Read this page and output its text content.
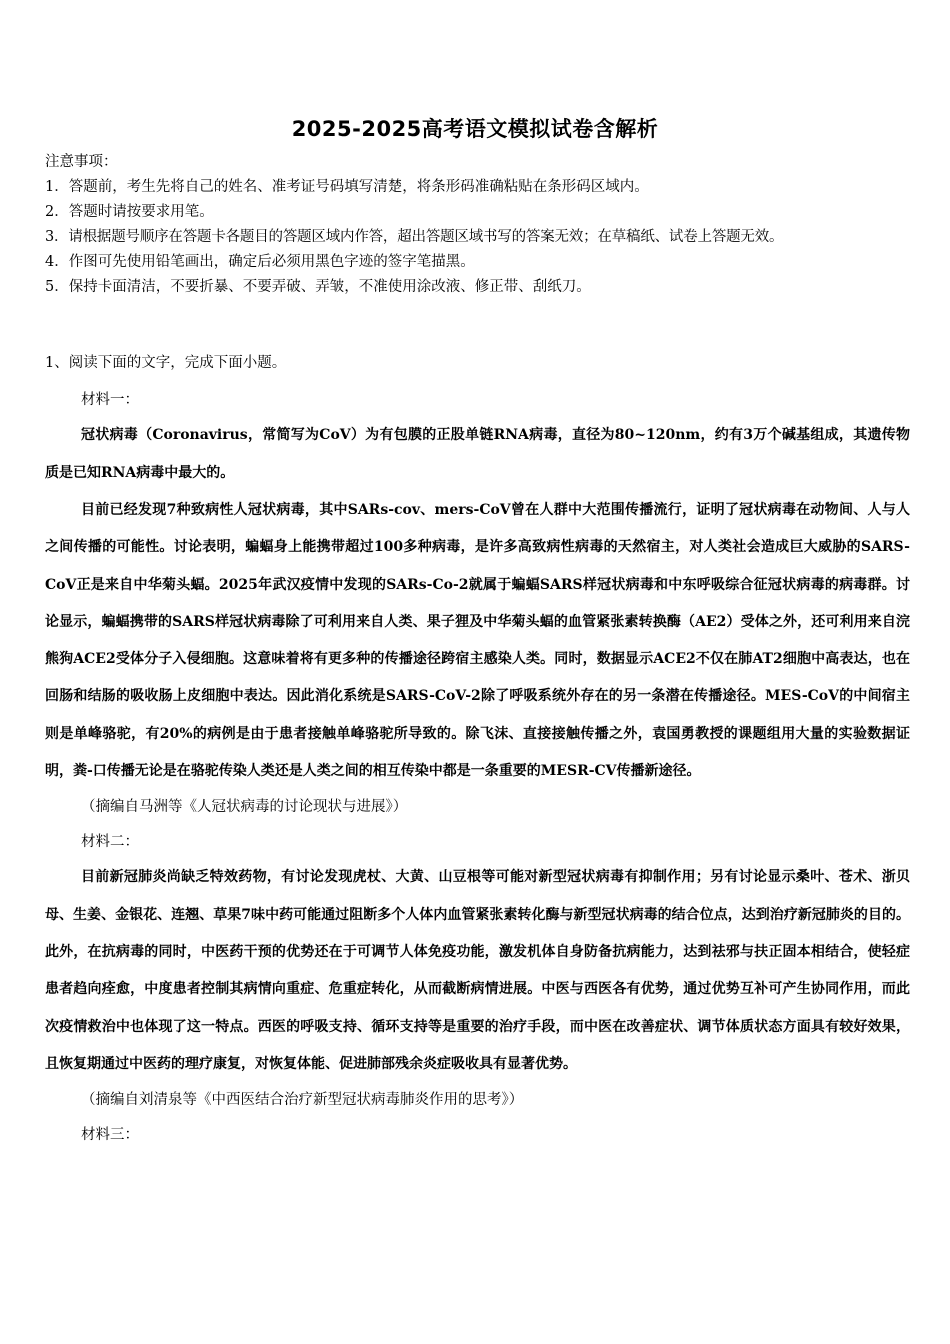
2025-2025高考语文模拟试卷含解析
注意事项：
1．答题前，考生先将自己的姓名、准考证号码填写清楚，将条形码准确粘贴在条形码区域内。
2．答题时请按要求用笔。
3．请根据题号顺序在答题卡各题目的答题区域内作答，超出答题区域书写的答案无效；在草稿纸、试卷上答题无效。
4．作图可先使用铅笔画出，确定后必须用黑色字迹的签字笔描黑。
5．保持卡面清洁，不要折暴、不要弄破、弄皱，不准使用涂改液、修正带、刮纸刀。
1、阅读下面的文字，完成下面小题。
材料一：

冠状病毒（Coronavirus，常简写为CoV）为有包膜的正股单链RNA病毒，直径为80~120nm，约有3万个碱基组成，其遗传物质是已知RNA病毒中最大的。

目前已经发现7种致病性人冠状病毒，其中SARs-cov、mers-CoV曾在人群中大范围传播流行，证明了冠状病毒在动物间、人与人之间传播的可能性。讨论表明，蝙蝠身上能携带超过100多种病毒，是许多高致病性病毒的天然宿主，对人类社会造成巨大威胁的SARS-CoV正是来自中华菊头蝠。2025年武汉疫情中发现的SARs-Co-2就属于蝙蝠SARS样冠状病毒和中东呼吸综合征冠状病毒的病毒群。讨论显示，蝙蝠携带的SARS样冠状病毒除了可利用来自人类、果子狸及中华菊头蝠的血管紧张素转换酶（AE2）受体之外，还可利用来自浣熊狗ACE2受体分子入侵细胞。这意味着将有更多种的传播途径跨宿主感染人类。同时，数据显示ACE2不仅在肺AT2细胞中高表达，也在回肠和结肠的吸收肠上皮细胞中表达。因此消化系统是SARS-CoV-2除了呼吸系统外存在的另一条潜在传播途径。MES-CoV的中间宿主则是单峰骆驼，有20%的病例是由于患者接触单峰骆驼所导致的。除飞沫、直接接触传播之外，袁国勇教授的课题组用大量的实验数据证明，粪-口传播无论是在骆驼传染人类还是人类之间的相互传染中都是一条重要的MESR-CV传播新途径。

（摘编自马洲等《人冠状病毒的讨论现状与进展》）
材料二：

目前新冠肺炎尚缺乏特效药物，有讨论发现虎杖、大黄、山豆根等可能对新型冠状病毒有抑制作用；另有讨论显示桑叶、苍术、浙贝母、生姜、金银花、连翘、草果7味中药可能通过阻断多个人体内血管紧张素转化酶与新型冠状病毒的结合位点，达到治疗新冠肺炎的目的。此外，在抗病毒的同时，中医药干预的优势还在于可调节人体免疫功能，激发机体自身防备抗病能力，达到祛邪与扶正固本相结合，使轻症患者趋向痊愈，中度患者控制其病情向重症、危重症转化，从而截断病情进展。中医与西医各有优势，通过优势互补可产生协同作用，而此次疫情救治中也体现了这一特点。西医的呼吸支持、循环支持等是重要的治疗手段，而中医在改善症状、调节体质状态方面具有较好效果，且恢复期通过中医药的理疗康复，对恢复体能、促进肺部残余炎症吸收具有显著优势。

（摘编自刘清泉等《中西医结合治疗新型冠状病毒肺炎作用的思考》）
材料三：
